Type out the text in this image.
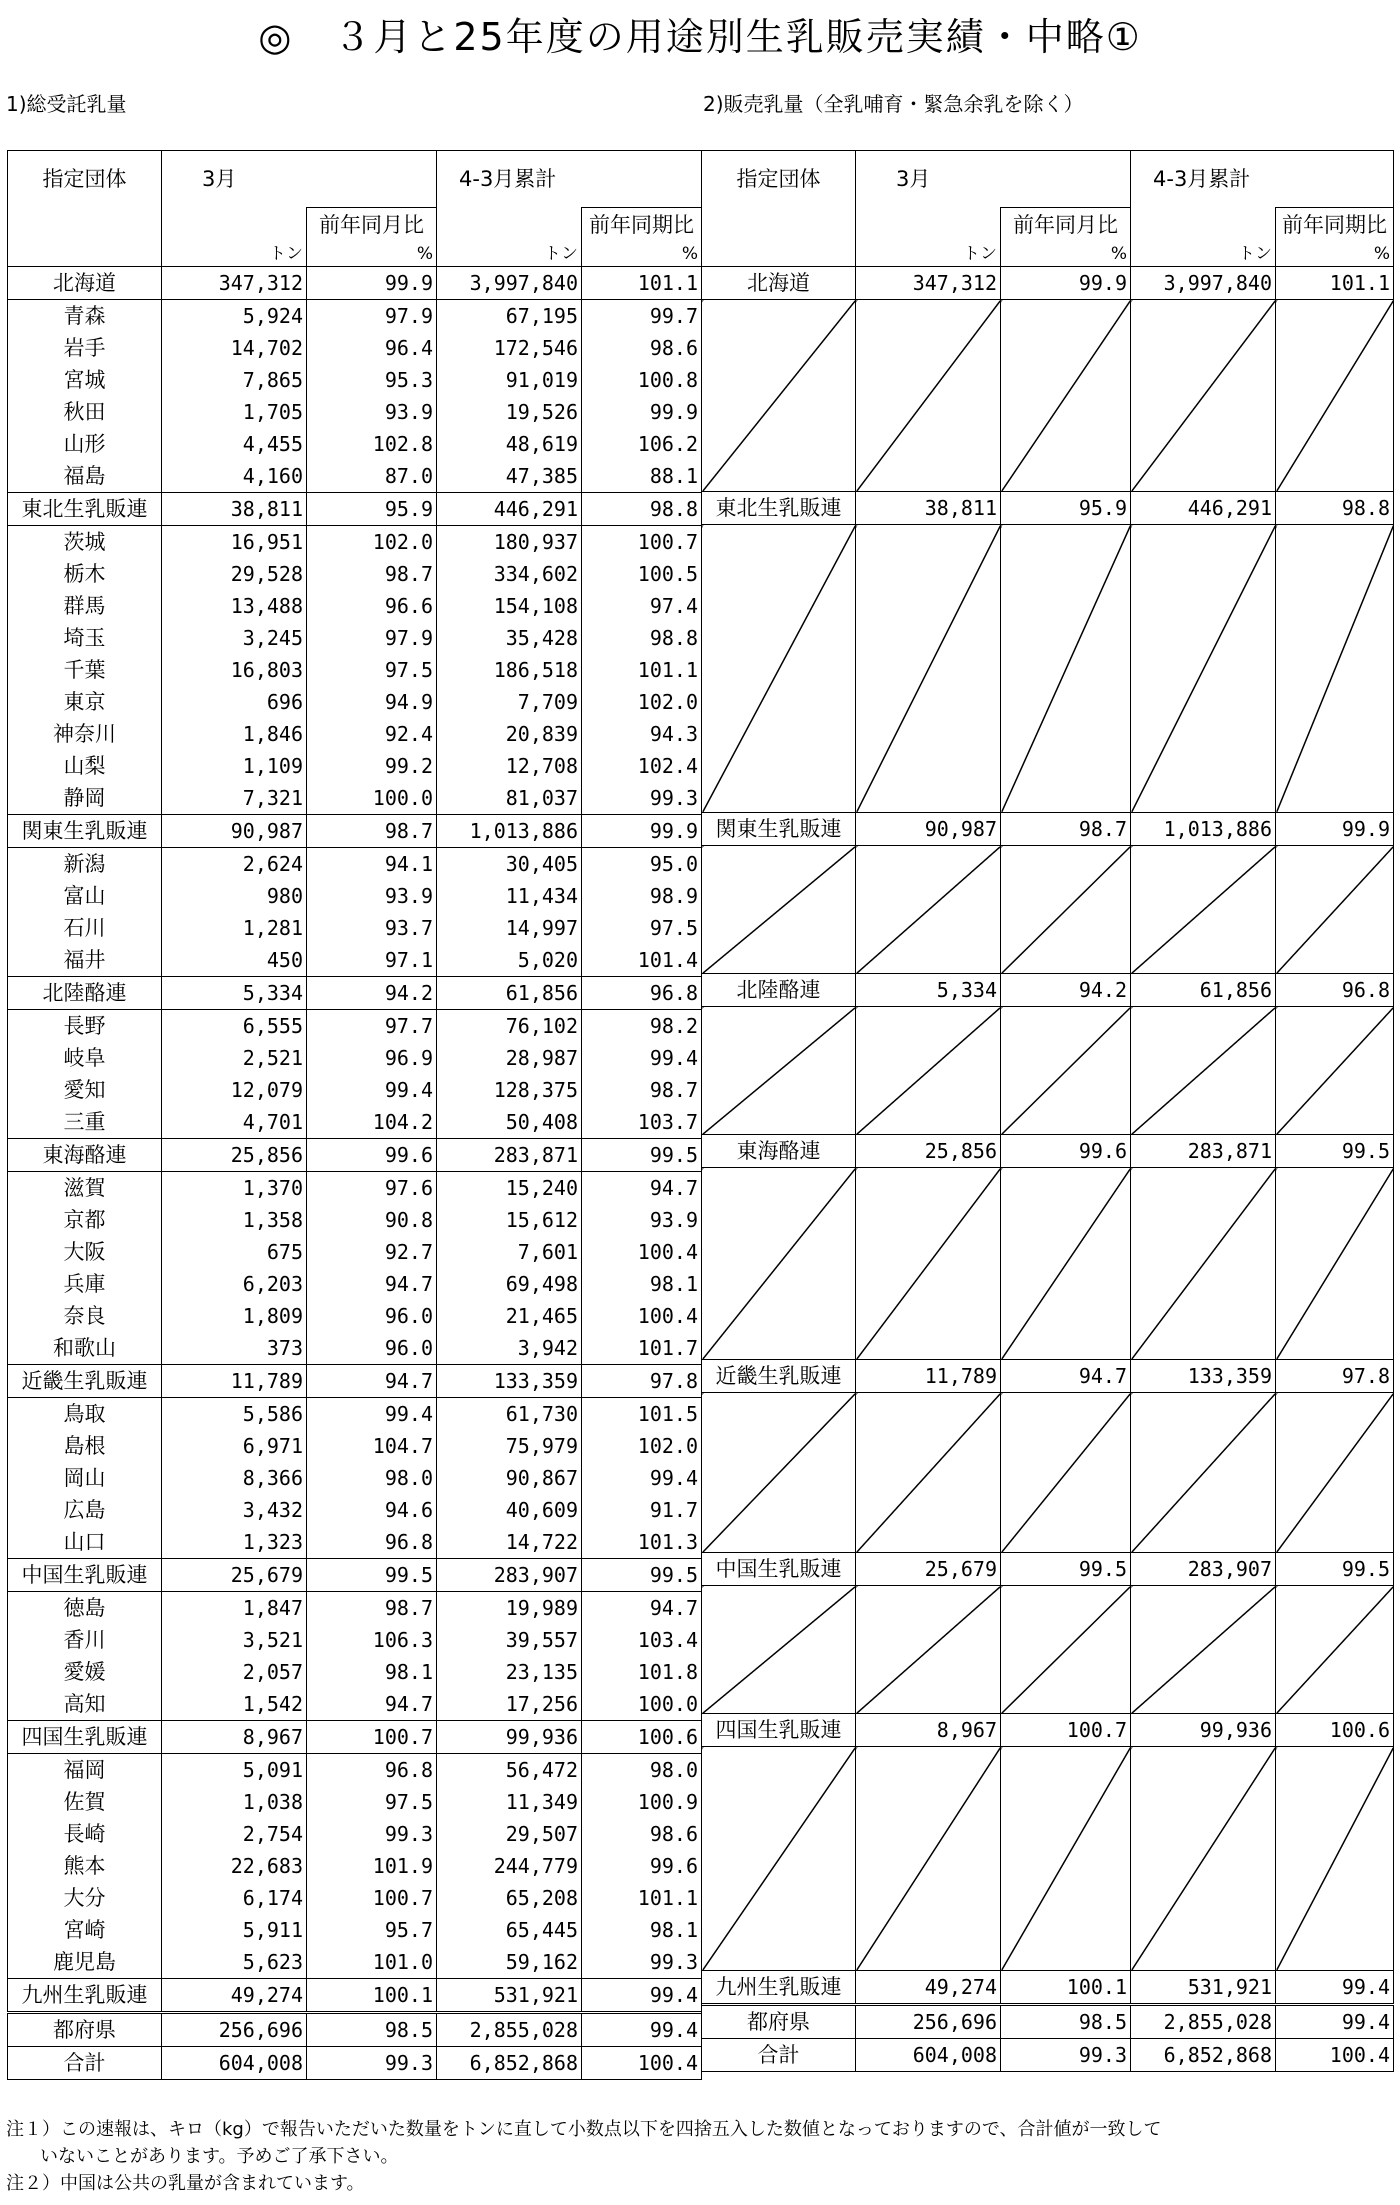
◎　３月と25年度の用途別生乳販売実績・中略①
1)総受託乳量	2)販売乳量（全乳哺育・緊急余乳を除く）
指定団体	3月		4-3月累計	
		前年同月比		前年同期比
	トン	%	トン	%
北海道	347,312	99.9	3,997,840	101.1
青森	5,924	97.9	67,195	99.7
岩手	14,702	96.4	172,546	98.6
宮城	7,865	95.3	91,019	100.8
秋田	1,705	93.9	19,526	99.9
山形	4,455	102.8	48,619	106.2
福島	4,160	87.0	47,385	88.1
東北生乳販連	38,811	95.9	446,291	98.8
茨城	16,951	102.0	180,937	100.7
栃木	29,528	98.7	334,602	100.5
群馬	13,488	96.6	154,108	97.4
埼玉	3,245	97.9	35,428	98.8
千葉	16,803	97.5	186,518	101.1
東京	696	94.9	7,709	102.0
神奈川	1,846	92.4	20,839	94.3
山梨	1,109	99.2	12,708	102.4
静岡	7,321	100.0	81,037	99.3
関東生乳販連	90,987	98.7	1,013,886	99.9
新潟	2,624	94.1	30,405	95.0
富山	980	93.9	11,434	98.9
石川	1,281	93.7	14,997	97.5
福井	450	97.1	5,020	101.4
北陸酪連	5,334	94.2	61,856	96.8
長野	6,555	97.7	76,102	98.2
岐阜	2,521	96.9	28,987	99.4
愛知	12,079	99.4	128,375	98.7
三重	4,701	104.2	50,408	103.7
東海酪連	25,856	99.6	283,871	99.5
滋賀	1,370	97.6	15,240	94.7
京都	1,358	90.8	15,612	93.9
大阪	675	92.7	7,601	100.4
兵庫	6,203	94.7	69,498	98.1
奈良	1,809	96.0	21,465	100.4
和歌山	373	96.0	3,942	101.7
近畿生乳販連	11,789	94.7	133,359	97.8
鳥取	5,586	99.4	61,730	101.5
島根	6,971	104.7	75,979	102.0
岡山	8,366	98.0	90,867	99.4
広島	3,432	94.6	40,609	91.7
山口	1,323	96.8	14,722	101.3
中国生乳販連	25,679	99.5	283,907	99.5
徳島	1,847	98.7	19,989	94.7
香川	3,521	106.3	39,557	103.4
愛媛	2,057	98.1	23,135	101.8
高知	1,542	94.7	17,256	100.0
四国生乳販連	8,967	100.7	99,936	100.6
福岡	5,091	96.8	56,472	98.0
佐賀	1,038	97.5	11,349	100.9
長崎	2,754	99.3	29,507	98.6
熊本	22,683	101.9	244,779	99.6
大分	6,174	100.7	65,208	101.1
宮崎	5,911	95.7	65,445	98.1
鹿児島	5,623	101.0	59,162	99.3
九州生乳販連	49,274	100.1	531,921	99.4
都府県	256,696	98.5	2,855,028	99.4
合計	604,008	99.3	6,852,868	100.4
指定団体	3月		4-3月累計	
		前年同月比		前年同期比
	トン	%	トン	%
北海道	347,312	99.9	3,997,840	101.1

東北生乳販連	38,811	95.9	446,291	98.8

関東生乳販連	90,987	98.7	1,013,886	99.9

北陸酪連	5,334	94.2	61,856	96.8

東海酪連	25,856	99.6	283,871	99.5

近畿生乳販連	11,789	94.7	133,359	97.8

中国生乳販連	25,679	99.5	283,907	99.5

四国生乳販連	8,967	100.7	99,936	100.6

九州生乳販連	49,274	100.1	531,921	99.4
都府県	256,696	98.5	2,855,028	99.4
合計	604,008	99.3	6,852,868	100.4
注１）この速報は、キロ（kg）で報告いただいた数量をトンに直して小数点以下を四捨五入した数値となっておりますので、合計値が一致して
いないことがあります。予めご了承下さい。
注２）中国は公共の乳量が含まれています。
